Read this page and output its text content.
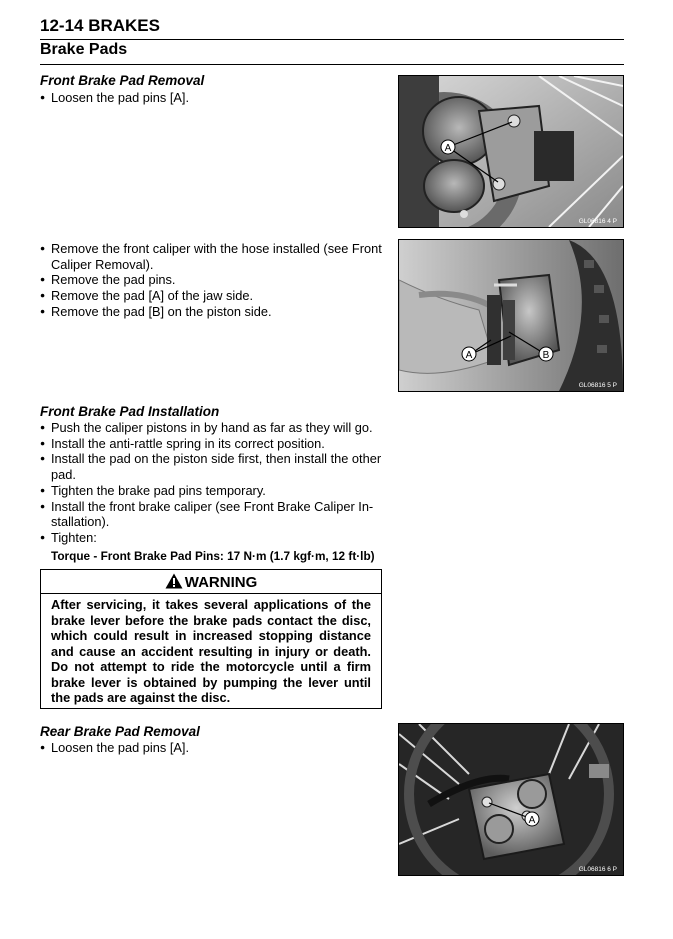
12-14 BRAKES
Brake Pads
Front Brake Pad Removal

● Loosen the pad pins [A].

● Remove the front caliper with the hose installed (see Front Caliper Removal).

● Remove the pad pins.

● Remove the pad [A] of the jaw side.

● Remove the pad [B] on the piston side.

Front Brake Pad Installation

● Push the caliper pistons in by hand as far as they will go.

● Install the anti-rattle spring in its correct position.

● Install the pad on the piston side first, then install the other pad.

● Tighten the brake pad pins temporary.

● Install the front brake caliper (see Front Brake Caliper In-stallation).

● Tighten:

Torque - Front Brake Pad Pins: 17 N·m (1.7 kgf·m, 12 ft·lb)
WARNING
After servicing, it takes several applications of the brake lever before the brake pads contact the disc, which could result in increased stopping distance and cause an accident resulting in injury or death. Do not attempt to ride the motorcycle until a firm brake lever is obtained by pumping the lever until the pads are against the disc.
Rear Brake Pad Removal

● Loosen the pad pins [A].

A
GL06816 4 P
A	B
GL06816 5 P
A
GL06816 6 P
